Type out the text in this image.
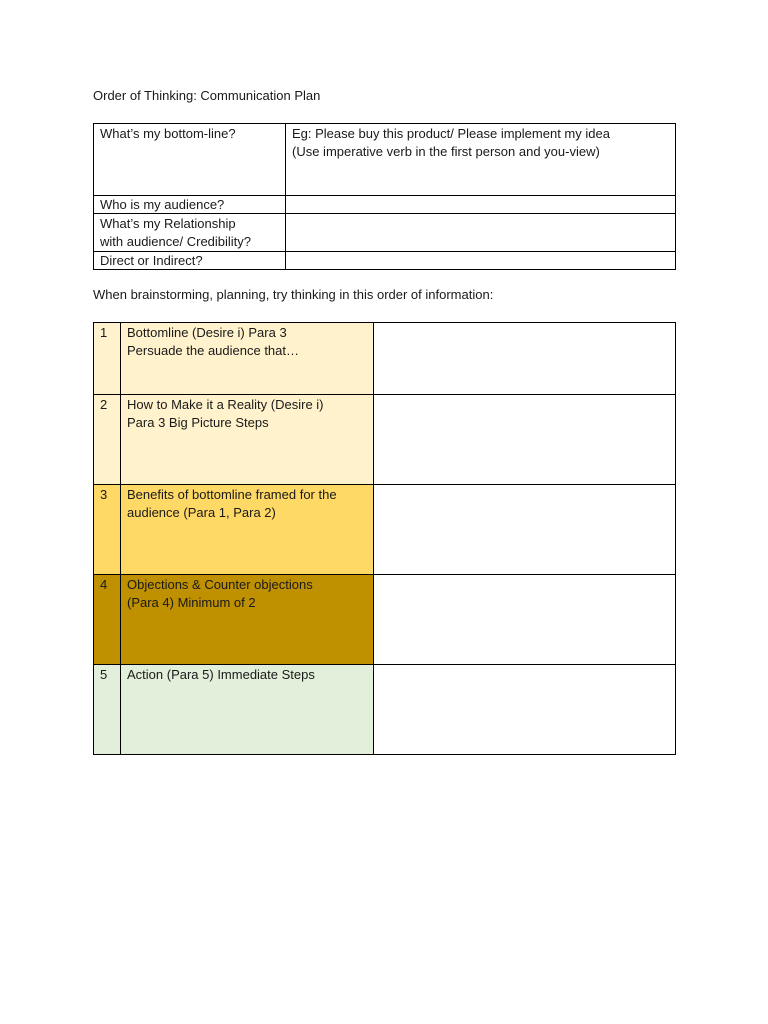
Order of Thinking: Communication Plan
What’s my bottom-line?	Eg: Please buy this product/ Please implement my idea
(Use imperative verb in the first person and you-view)

Who is my audience?	

What’s my Relationship
with audience/ Credibility?	

Direct or Indirect?	
When brainstorming, planning, try thinking in this order of information:
1	Bottomline (Desire i) Para 3
Persuade the audience that…	

2	How to Make it a Reality (Desire i)
Para 3 Big Picture Steps	

3	Benefits of bottomline framed for the
audience (Para 1, Para 2)	

4	Objections & Counter objections
(Para 4) Minimum of 2	

5	Action (Para 5) Immediate Steps	
